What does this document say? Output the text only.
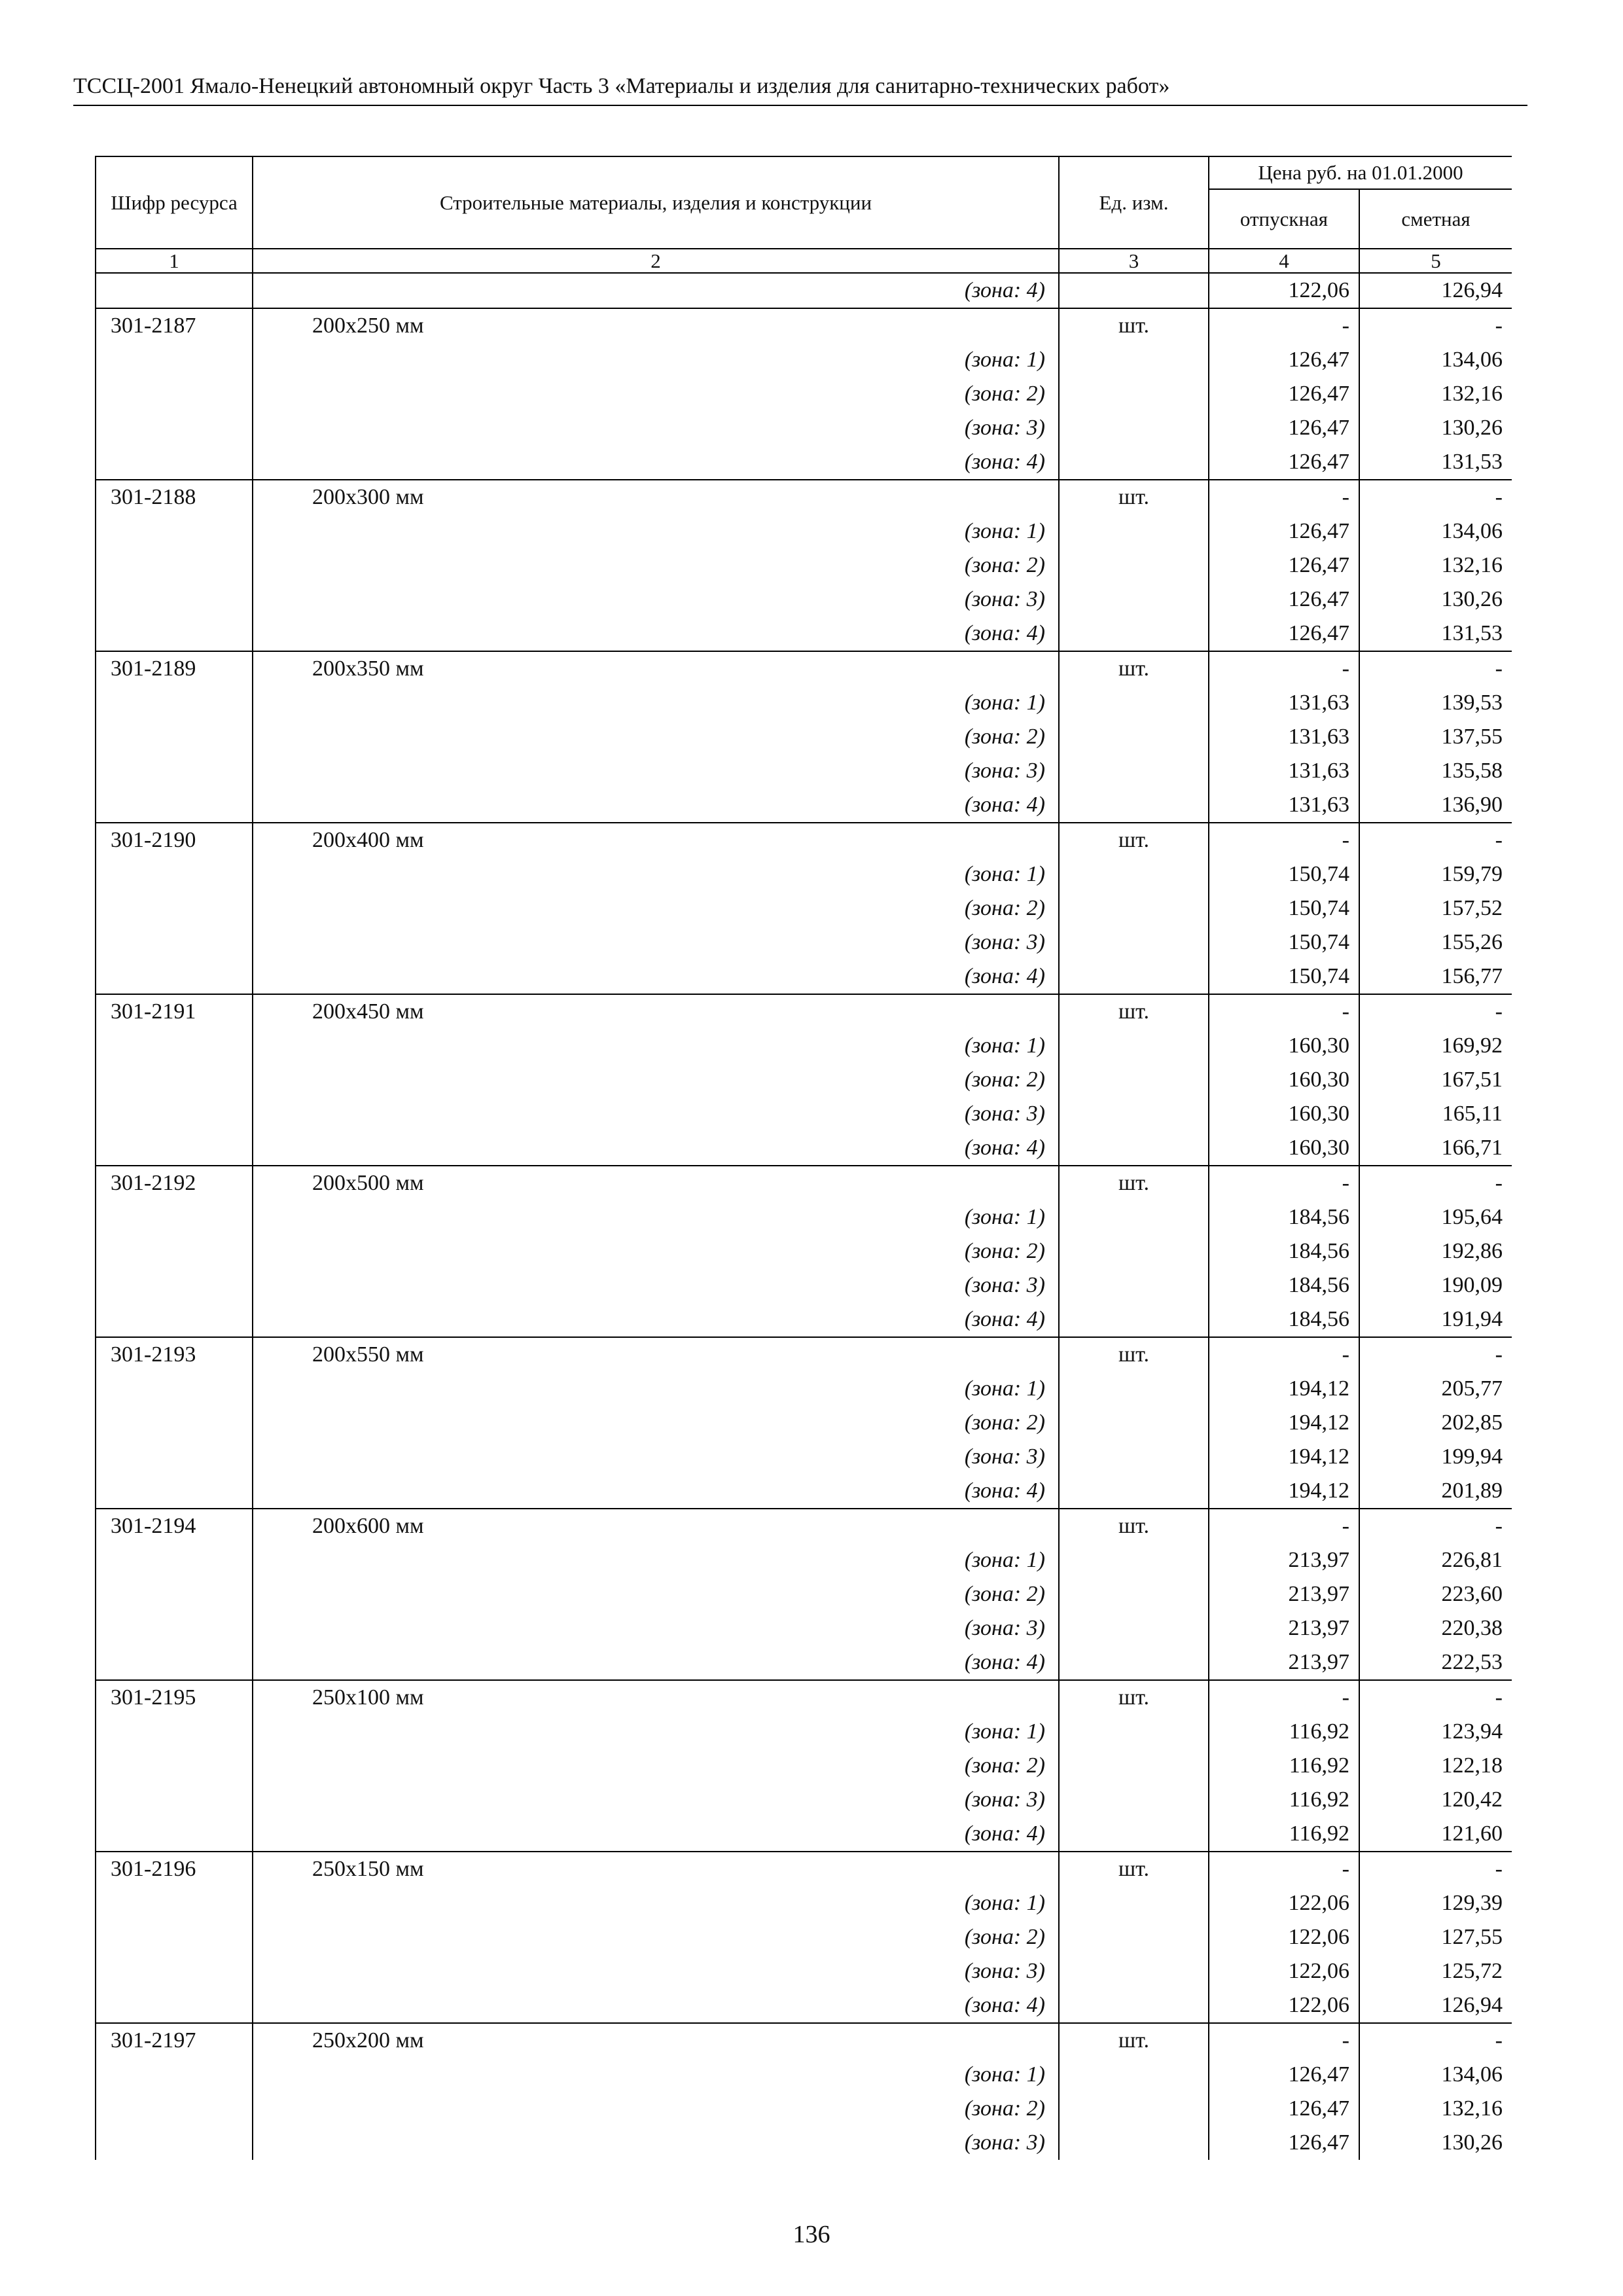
ТССЦ-2001 Ямало-Ненецкий автономный округ Часть 3 «Материалы и изделия для санитарно-технических работ»
Шифр ресурса	Строительные материалы, изделия и конструкции	Ед. изм.	Цена руб. на 01.01.2000	
			отпускная	сметная
1	2	3	4	5
	(зона: 4)		122,06	126,94
301-2187	200x250 мм	шт.	-	-
	(зона: 1)		126,47	134,06
	(зона: 2)		126,47	132,16
	(зона: 3)		126,47	130,26
	(зона: 4)		126,47	131,53
301-2188	200x300 мм	шт.	-	-
	(зона: 1)		126,47	134,06
	(зона: 2)		126,47	132,16
	(зона: 3)		126,47	130,26
	(зона: 4)		126,47	131,53
301-2189	200x350 мм	шт.	-	-
	(зона: 1)		131,63	139,53
	(зона: 2)		131,63	137,55
	(зона: 3)		131,63	135,58
	(зона: 4)		131,63	136,90
301-2190	200x400 мм	шт.	-	-
	(зона: 1)		150,74	159,79
	(зона: 2)		150,74	157,52
	(зона: 3)		150,74	155,26
	(зона: 4)		150,74	156,77
301-2191	200x450 мм	шт.	-	-
	(зона: 1)		160,30	169,92
	(зона: 2)		160,30	167,51
	(зона: 3)		160,30	165,11
	(зона: 4)		160,30	166,71
301-2192	200x500 мм	шт.	-	-
	(зона: 1)		184,56	195,64
	(зона: 2)		184,56	192,86
	(зона: 3)		184,56	190,09
	(зона: 4)		184,56	191,94
301-2193	200x550 мм	шт.	-	-
	(зона: 1)		194,12	205,77
	(зона: 2)		194,12	202,85
	(зона: 3)		194,12	199,94
	(зона: 4)		194,12	201,89
301-2194	200x600 мм	шт.	-	-
	(зона: 1)		213,97	226,81
	(зона: 2)		213,97	223,60
	(зона: 3)		213,97	220,38
	(зона: 4)		213,97	222,53
301-2195	250x100 мм	шт.	-	-
	(зона: 1)		116,92	123,94
	(зона: 2)		116,92	122,18
	(зона: 3)		116,92	120,42
	(зона: 4)		116,92	121,60
301-2196	250x150 мм	шт.	-	-
	(зона: 1)		122,06	129,39
	(зона: 2)		122,06	127,55
	(зона: 3)		122,06	125,72
	(зона: 4)		122,06	126,94
301-2197	250x200 мм	шт.	-	-
	(зона: 1)		126,47	134,06
	(зона: 2)		126,47	132,16
	(зона: 3)		126,47	130,26
136
